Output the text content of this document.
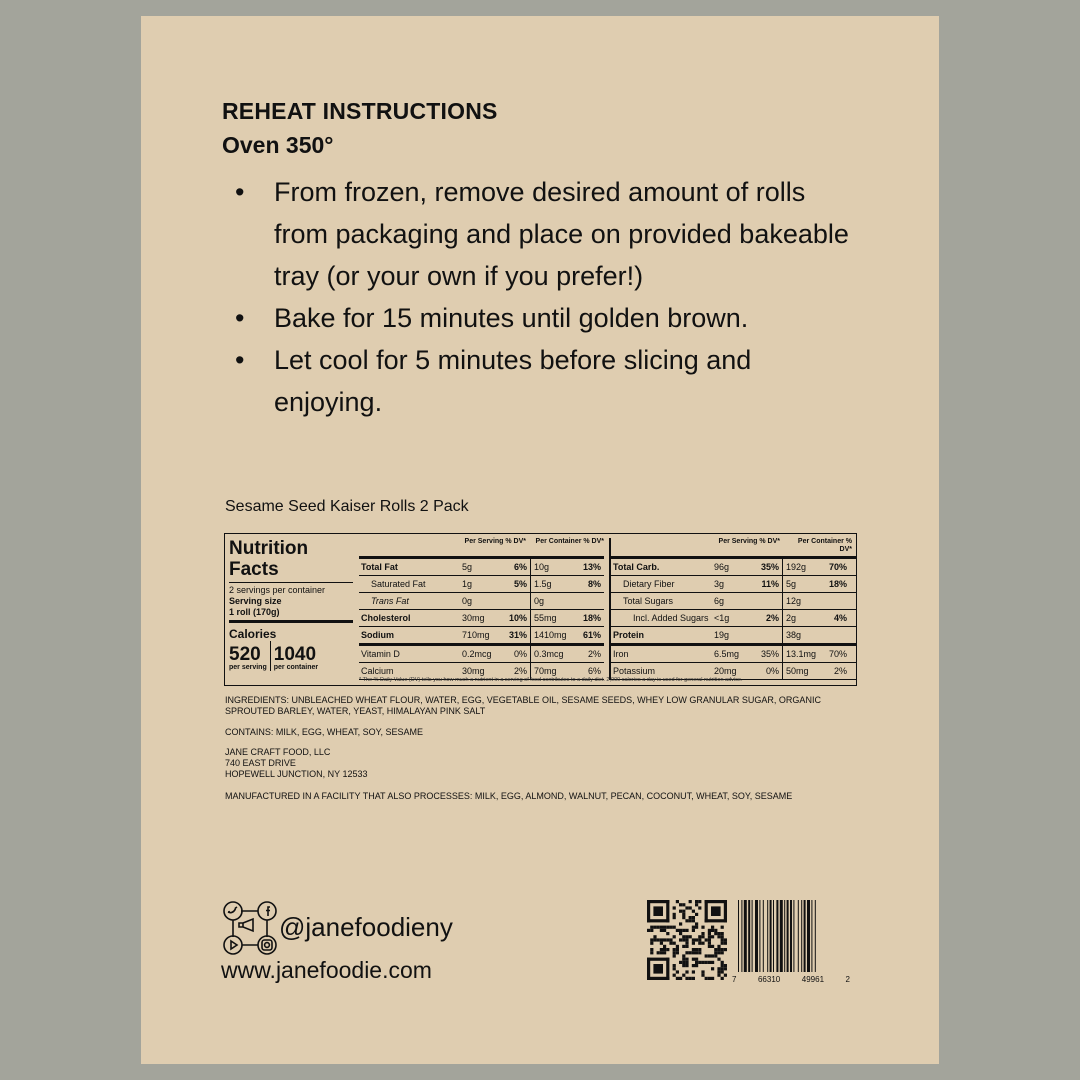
REHEAT INSTRUCTIONS
Oven 350°
• From frozen, remove desired amount of rolls from packaging and place on provided bakeable tray (or your own if you prefer!)
• Bake for 15 minutes until golden brown.
• Let cool for 5 minutes before slicing and enjoying.
Sesame Seed Kaiser Rolls 2 Pack
Nutrition Facts
2 servings per container
Serving size
1 roll (170g)
Calories
520
per serving
1040
per container
Per Serving % DV*	Per Container % DV*
Total Fat	5g	6% 10g	13%
Saturated Fat	1g	5% 1.5g	8%
Trans Fat	0g	0g
Cholesterol	30mg	10% 55mg	18%
Sodium	710mg	31% 1410mg	61%
Vitamin D	0.2mcg	0% 0.3mcg	2%
Calcium	30mg	2% 70mg	6%
Per Serving % DV*	Per Container % DV*
Total Carb.	96g	35% 192g	70%
Dietary Fiber	3g	11% 5g	18%
Total Sugars	6g	12g
Incl. Added Sugars <1g	2% 2g	4%
Protein	19g	38g
Iron	6.5mg	35% 13.1mg	70%
Potassium	20mg	0% 50mg	2%
* The % Daily Value (DV) tells you how much a nutrient in a serving of food contributes to a daily diet. 2,000 calories a day is used for general nutrition advice.
INGREDIENTS: UNBLEACHED WHEAT FLOUR, WATER, EGG, VEGETABLE OIL, SESAME SEEDS, WHEY LOW GRANULAR SUGAR, ORGANIC SPROUTED BARLEY, WATER, YEAST, HIMALAYAN PINK SALT
CONTAINS: MILK, EGG, WHEAT, SOY, SESAME
JANE CRAFT FOOD, LLC
740 EAST DRIVE
HOPEWELL JUNCTION, NY 12533
MANUFACTURED IN A FACILITY THAT ALSO PROCESSES: MILK, EGG, ALMOND, WALNUT, PECAN, COCONUT, WHEAT, SOY, SESAME
@janefoodieny
www.janefoodie.com	7	66310	49961	2
